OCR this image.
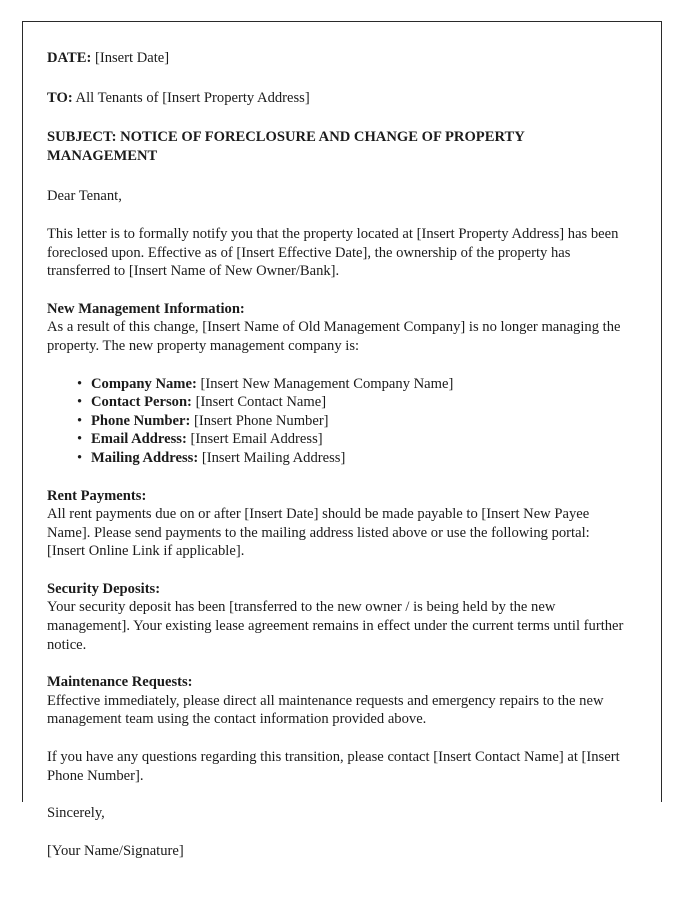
DATE: [Insert Date]
TO: All Tenants of [Insert Property Address]
SUBJECT: NOTICE OF FORECLOSURE AND CHANGE OF PROPERTY MANAGEMENT
Dear Tenant,
This letter is to formally notify you that the property located at [Insert Property Address] has been foreclosed upon. Effective as of [Insert Effective Date], the ownership of the property has transferred to [Insert Name of New Owner/Bank].
New Management Information:
As a result of this change, [Insert Name of Old Management Company] is no longer managing the property. The new property management company is:
• Company Name: [Insert New Management Company Name]
• Contact Person: [Insert Contact Name]
• Phone Number: [Insert Phone Number]
• Email Address: [Insert Email Address]
• Mailing Address: [Insert Mailing Address]
Rent Payments:
All rent payments due on or after [Insert Date] should be made payable to [Insert New Payee Name]. Please send payments to the mailing address listed above or use the following portal: [Insert Online Link if applicable].
Security Deposits:
Your security deposit has been [transferred to the new owner / is being held by the new management]. Your existing lease agreement remains in effect under the current terms until further notice.
Maintenance Requests:
Effective immediately, please direct all maintenance requests and emergency repairs to the new management team using the contact information provided above.
If you have any questions regarding this transition, please contact [Insert Contact Name] at [Insert Phone Number].
Sincerely,
[Your Name/Signature]
